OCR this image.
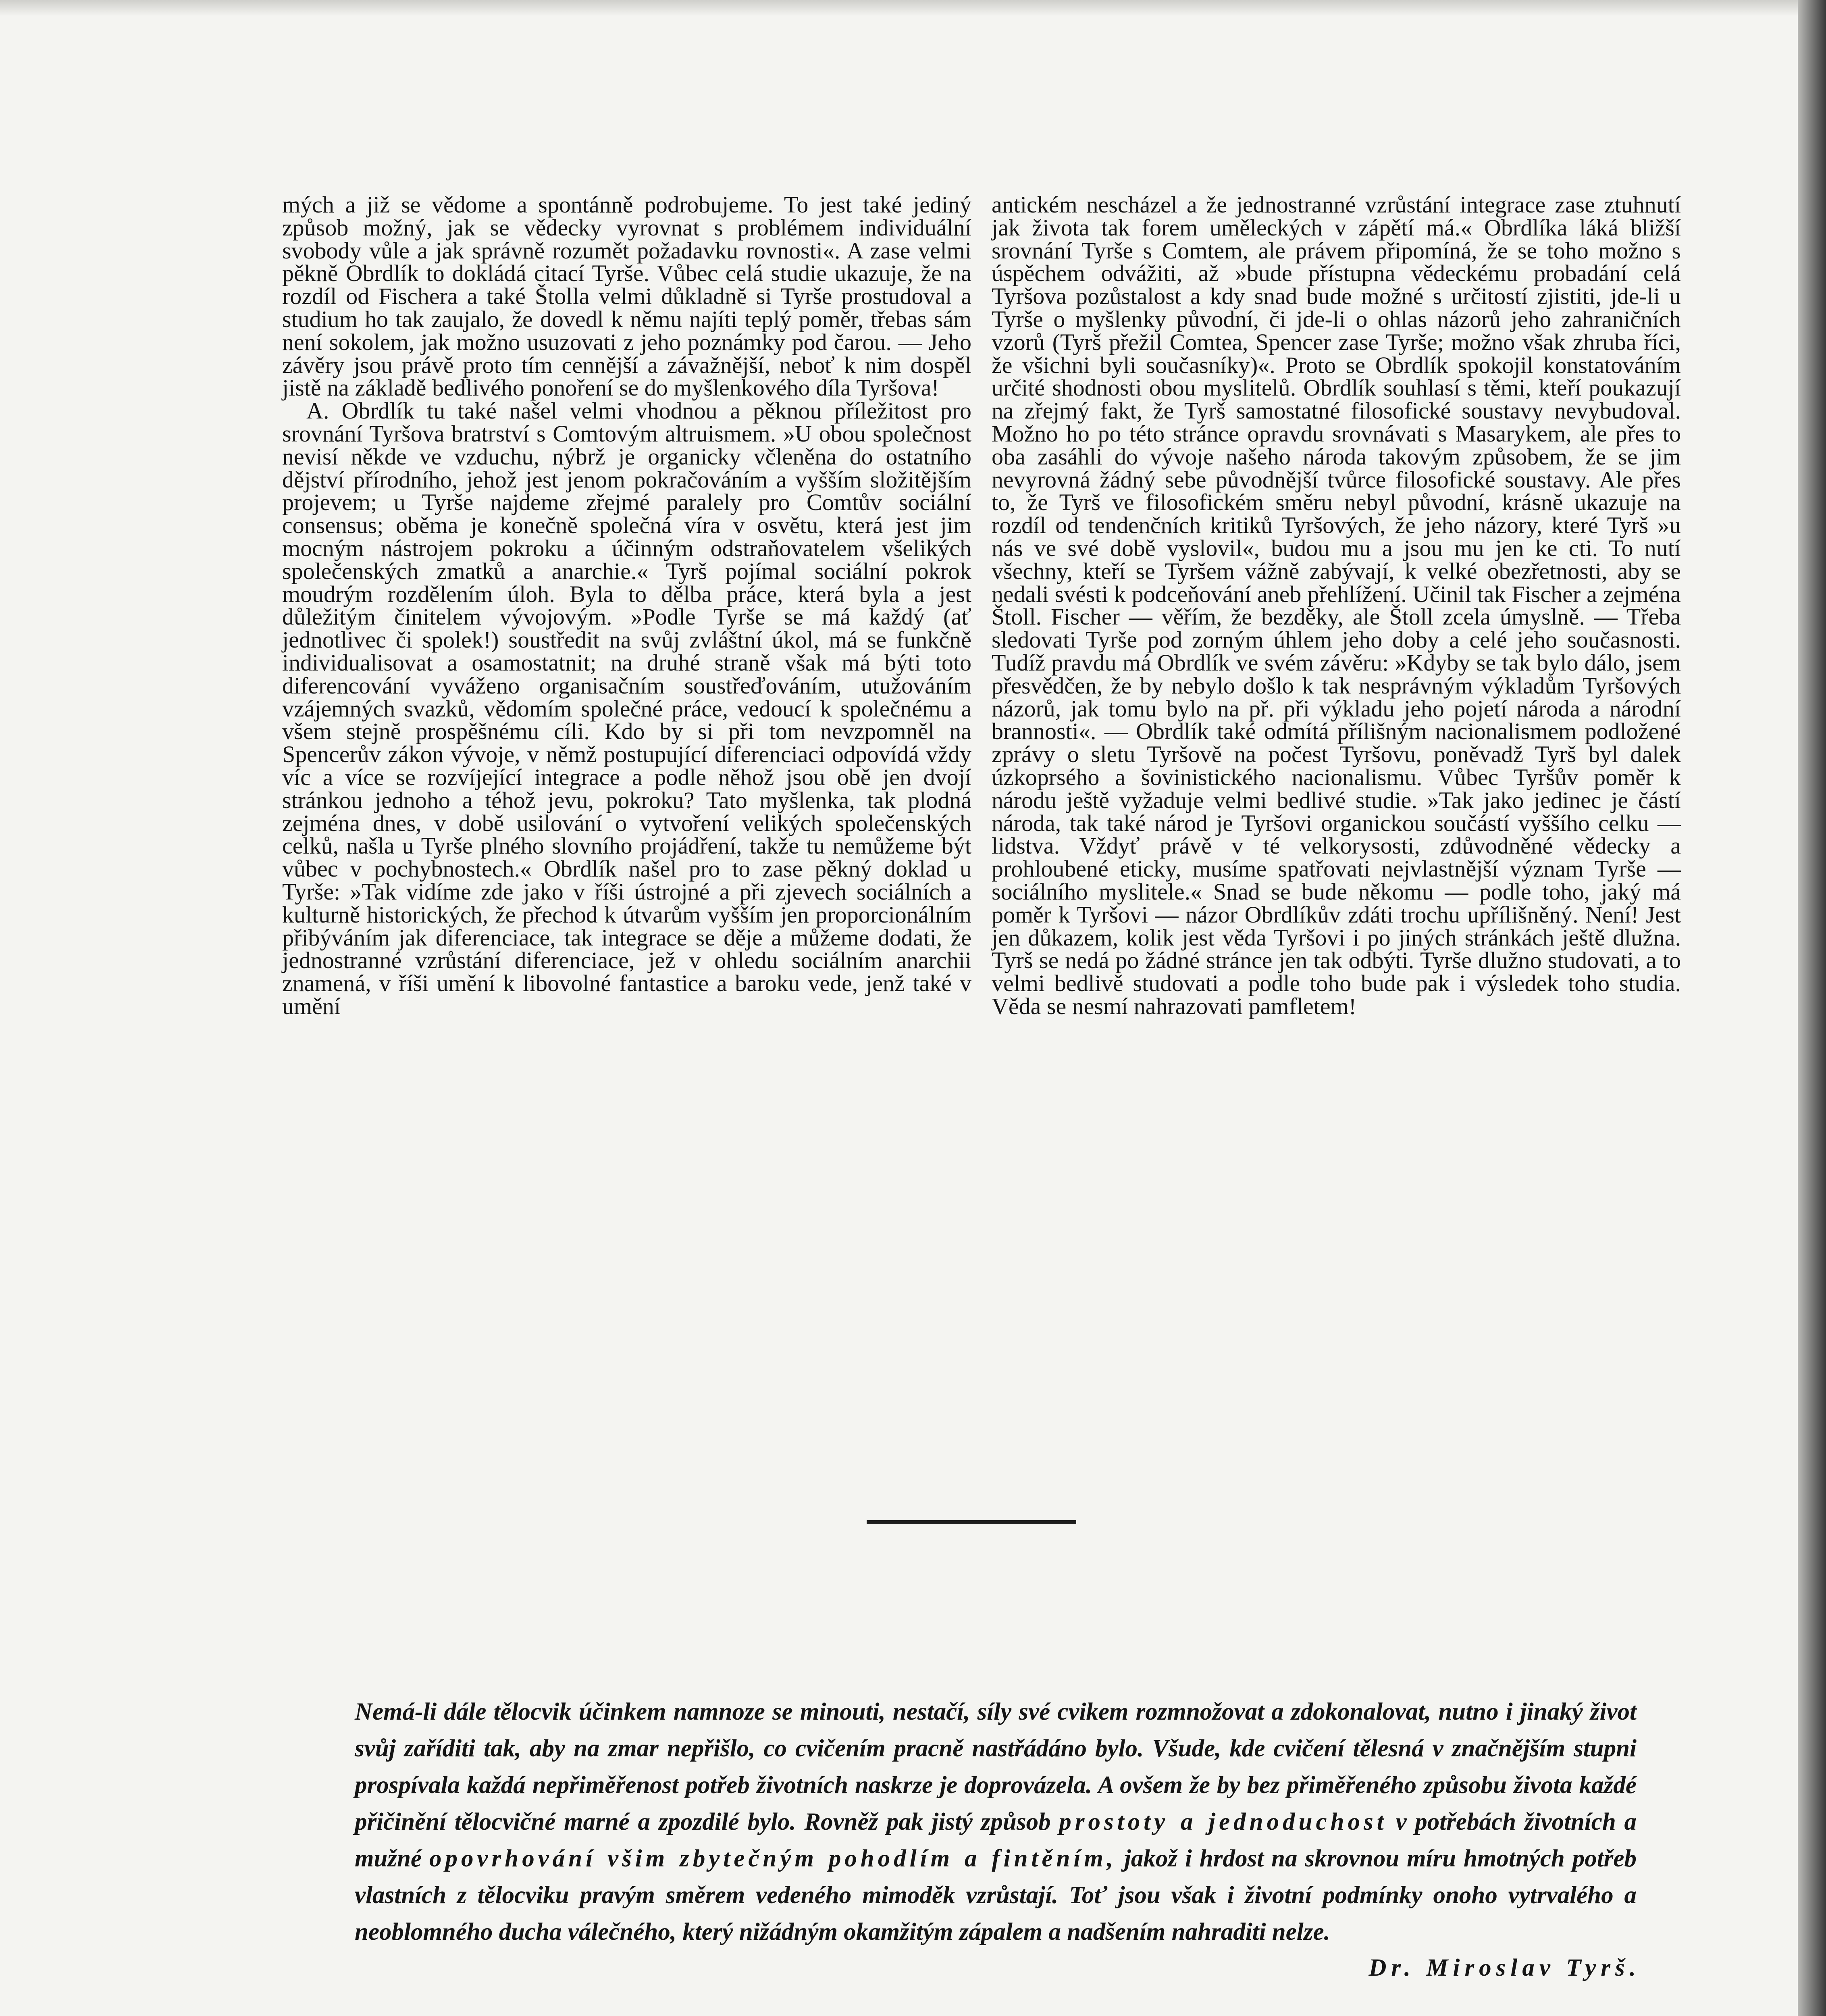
mých a již se vědome a spontánně podrobujeme. To jest také jediný způsob možný, jak se vědecky vyrovnat s problémem individuální svobody vůle a jak správně rozumět požadavku rovnosti«. A zase velmi pěkně Obrdlík to dokládá citací Tyrše. Vůbec celá studie ukazuje, že na rozdíl od Fischera a také Štolla velmi důkladně si Tyrše prostudoval a studium ho tak zaujalo, že dovedl k němu najíti teplý poměr, třebas sám není sokolem, jak možno usuzovati z jeho poznámky pod čarou. — Jeho závěry jsou právě proto tím cennější a závažnější, neboť k nim dospěl jistě na základě bedlivého ponoření se do myšlenkového díla Tyršova!

A. Obrdlík tu také našel velmi vhodnou a pěknou příležitost pro srovnání Tyršova bratrství s Comtovým altruismem. »U obou společnost nevisí někde ve vzduchu, nýbrž je organicky včleněna do ostatního dějství přírodního, jehož jest jenom pokračováním a vyšším složitějším projevem; u Tyrše najdeme zřejmé paralely pro Comtův sociální consensus; oběma je konečně společná víra v osvětu, která jest jim mocným nástrojem pokroku a účinným odstraňovatelem všelikých společenských zmatků a anarchie.« Tyrš pojímal sociální pokrok moudrým rozdělením úloh. Byla to dělba práce, která byla a jest důležitým činitelem vývojovým. »Podle Tyrše se má každý (ať jednotlivec či spolek!) soustředit na svůj zvláštní úkol, má se funkčně individualisovat a osamostatnit; na druhé straně však má býti toto diferencování vyváženo organisačním soustřeďováním, utužováním vzájemných svazků, vědomím společné práce, vedoucí k společnému a všem stejně prospěšnému cíli. Kdo by si při tom nevzpomněl na Spencerův zákon vývoje, v němž postupující diferenciaci odpovídá vždy víc a více se rozvíjející integrace a podle něhož jsou obě jen dvojí stránkou jednoho a téhož jevu, pokroku? Tato myšlenka, tak plodná zejména dnes, v době usilování o vytvoření velikých společenských celků, našla u Tyrše plného slovního projádření, takže tu nemůžeme být vůbec v pochybnostech.« Obrdlík našel pro to zase pěkný doklad u Tyrše: »Tak vidíme zde jako v říši ústrojné a při zjevech sociálních a kulturně historických, že přechod k útvarům vyšším jen proporcionálním přibýváním jak diferenciace, tak integrace se děje a můžeme dodati, že jednostranné vzrůstání diferenciace, jež v ohledu sociálním anarchii znamená, v říši umění k libovolné fantastice a baroku vede, jenž také v umění

antickém nescházel a že jednostranné vzrůstání integrace zase ztuhnutí jak života tak forem uměleckých v zápětí má.« Obrdlíka láká bližší srovnání Tyrše s Comtem, ale právem připomíná, že se toho možno s úspěchem odvážiti, až »bude přístupna vědeckému probadání celá Tyršova pozůstalost a kdy snad bude možné s určitostí zjistiti, jde-li u Tyrše o myšlenky původní, či jde-li o ohlas názorů jeho zahraničních vzorů (Tyrš přežil Comtea, Spencer zase Tyrše; možno však zhruba říci, že všichni byli současníky)«. Proto se Obrdlík spokojil konstatováním určité shodnosti obou myslitelů. Obrdlík souhlasí s těmi, kteří poukazují na zřejmý fakt, že Tyrš samostatné filosofické soustavy nevybudoval. Možno ho po této stránce opravdu srovnávati s Masarykem, ale přes to oba zasáhli do vývoje našeho národa takovým způsobem, že se jim nevyrovná žádný sebe původnější tvůrce filosofické soustavy. Ale přes to, že Tyrš ve filosofickém směru nebyl původní, krásně ukazuje na rozdíl od tendenčních kritiků Tyršových, že jeho názory, které Tyrš »u nás ve své době vyslovil«, budou mu a jsou mu jen ke cti. To nutí všechny, kteří se Tyršem vážně zabývají, k velké obezřetnosti, aby se nedali svésti k podceňování aneb přehlížení. Učinil tak Fischer a zejména Štoll. Fischer — věřím, že bezděky, ale Štoll zcela úmyslně. — Třeba sledovati Tyrše pod zorným úhlem jeho doby a celé jeho současnosti. Tudíž pravdu má Obrdlík ve svém závěru: »Kdyby se tak bylo dálo, jsem přesvědčen, že by nebylo došlo k tak nesprávným výkladům Tyršových názorů, jak tomu bylo na př. při výkladu jeho pojetí národa a národní brannosti«. — Obrdlík také odmítá přílišným nacionalismem podložené zprávy o sletu Tyršově na počest Tyršovu, poněvadž Tyrš byl dalek úzkoprsého a šovinistického nacionalismu. Vůbec Tyršův poměr k národu ještě vyžaduje velmi bedlivé studie. »Tak jako jedinec je částí národa, tak také národ je Tyršovi organickou součástí vyššího celku — lidstva. Vždyť právě v té velkorysosti, zdůvodněné vědecky a prohloubené eticky, musíme spatřovati nejvlastnější význam Tyrše — sociálního myslitele.« Snad se bude někomu — podle toho, jaký má poměr k Tyršovi — názor Obrdlíkův zdáti trochu upřílišněný. Není! Jest jen důkazem, kolik jest věda Tyršovi i po jiných stránkách ještě dlužna. Tyrš se nedá po žádné stránce jen tak odbýti. Tyrše dlužno studovati, a to velmi bedlivě studovati a podle toho bude pak i výsledek toho studia. Věda se nesmí nahrazovati pamfletem!

Nemá-li dále tělocvik účinkem namnoze se minouti, nestačí, síly své cvikem rozmnožovat a zdokonalovat, nutno i jinaký život svůj zaříditi tak, aby na zmar nepřišlo, co cvičením pracně nastřádáno bylo. Všude, kde cvičení tělesná v značnějším stupni prospívala každá nepřiměřenost potřeb životních naskrze je doprovázela. A ovšem že by bez přiměřeného způsobu života každé přičinění tělocvičné marné a zpozdilé bylo. Rovněž pak jistý způsob prostoty a jednoduchost v potřebách životních a mužné opovrhování všim zbytečným pohodlím a fintěním, jakož i hrdost na skrovnou míru hmotných potřeb vlastních z tělocviku pravým směrem vedeného mimoděk vzrůstají. Toť jsou však i životní podmínky onoho vytrvalého a neoblomného ducha válečného, který nižádným okamžitým zápalem a nadšením nahraditi nelze.
Dr. Miroslav Tyrš.
